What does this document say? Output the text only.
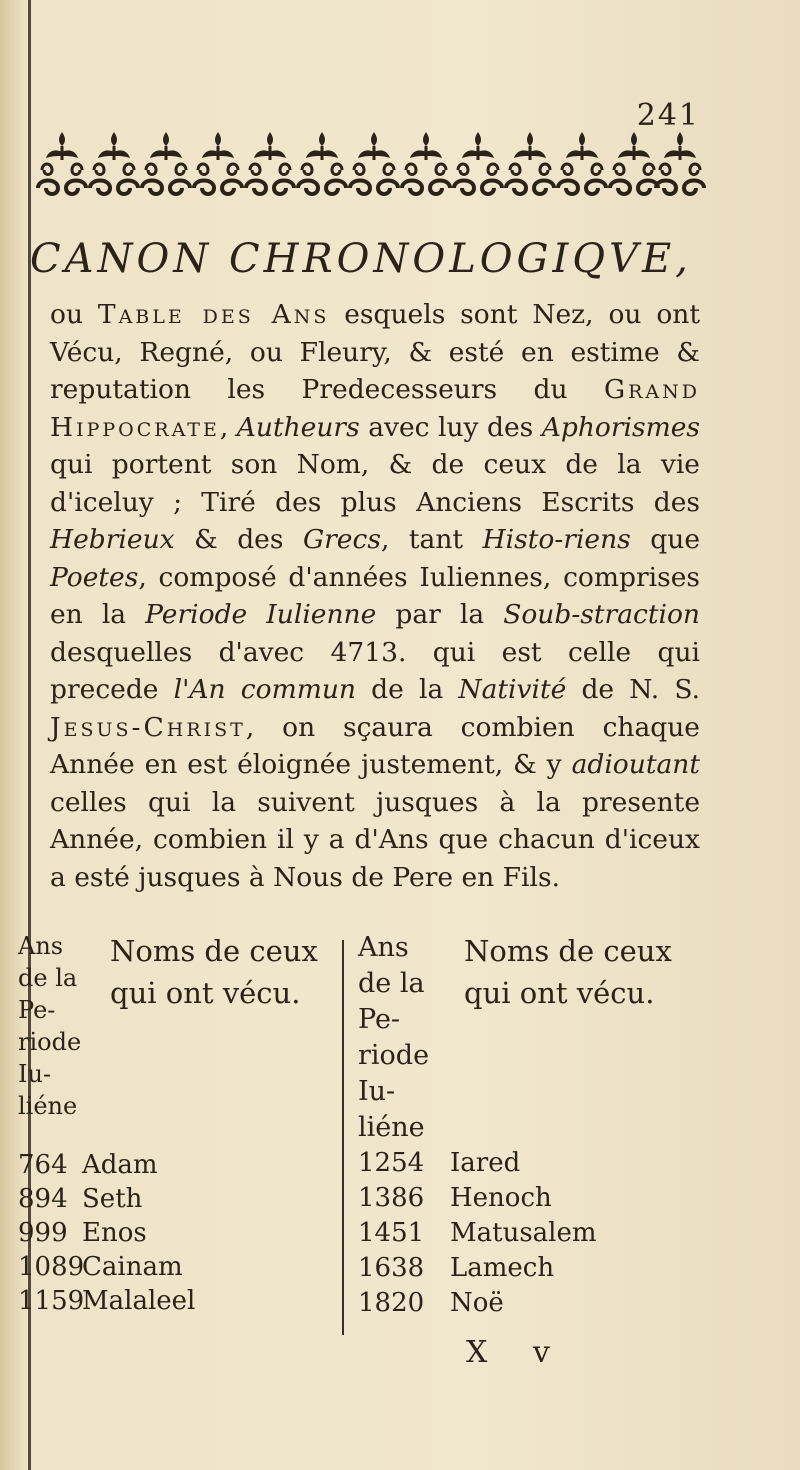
241
CANON CHRONOLOGIQVE,
ou Table des Ans esquels sont Nez, ou ont Vécu, Regné, ou Fleury, & esté en estime & reputation les Predecesseurs du Grand Hippocrate, Autheurs avec luy des Aphorismes qui portent son Nom, & de ceux de la vie d'iceluy ; Tiré des plus Anciens Escrits des Hebrieux & des Grecs, tant Histo-riens que Poetes, composé d'années Iuliennes, comprises en la Periode Iulienne par la Soub-straction desquelles d'avec 4713. qui est celle qui precede l'An commun de la Nativité de N. S. Jesus-Christ, on sçaura combien chaque Année en est éloignée justement, & y adioutant celles qui la suivent jusques à la presente Année, combien il y a d'Ans que chacun d'iceux a esté jusques à Nous de Pere en Fils.
Ans
de la
Pe-
riode
Iu-
liéne
Noms de ceux qui ont vécu.
764 Adam
894 Seth
999 Enos
1089
Cainam
1159
Malaleel
Ans
de la
Pe-
riode
Iu-
liéne
Noms de ceux qui ont vécu.
1254 Iared
1386 Henoch
1451 Matusalem
1638 Lamech
1820 Noë
X v
